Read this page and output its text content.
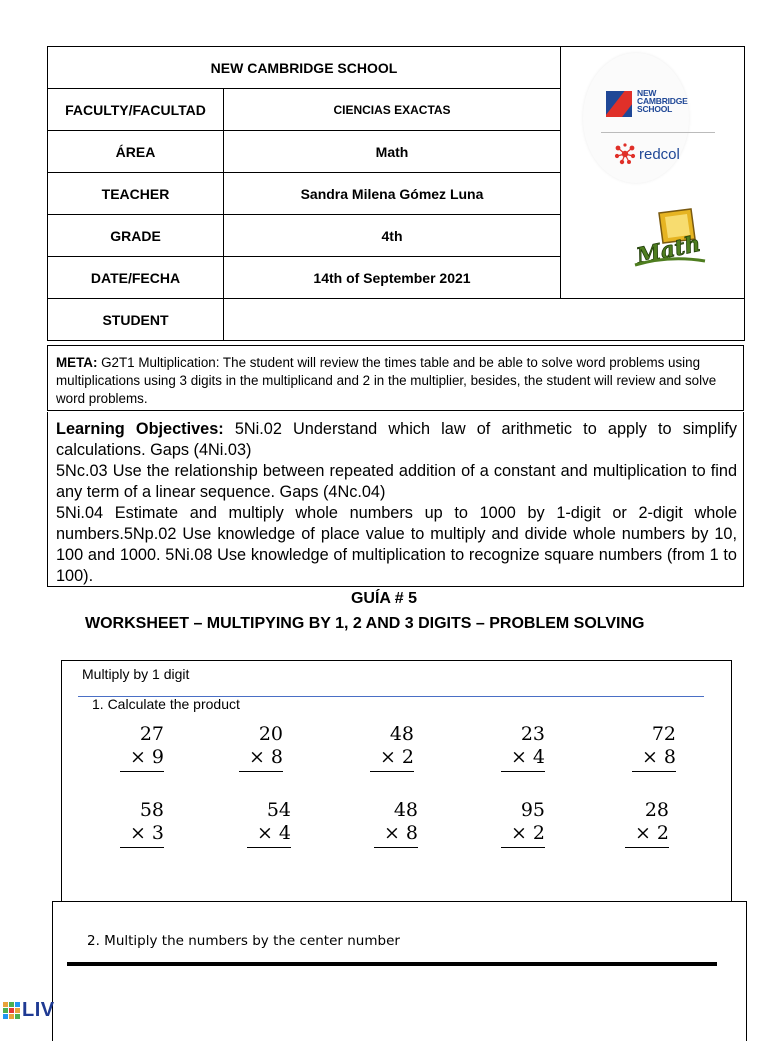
NEW CAMBRIDGE SCHOOL		NEW
CAMBRIDGE
SCHOOL
redcol
Math

FACULTY/FACULTAD	CIENCIAS EXACTAS	
ÁREA	Math	
TEACHER	Sandra Milena Gómez Luna	
GRADE	4th	
DATE/FECHA	14th of September 2021	
STUDENT		
META: G2T1 Multiplication: The student will review the times table and be able to solve word problems using multiplications using 3 digits in the multiplicand and 2 in the multiplier, besides, the student will review and solve word problems.

Learning Objectives: 5Ni.02 Understand which law of arithmetic to apply to simplify calculations. Gaps (4Ni.03)

5Nc.03 Use the relationship between repeated addition of a constant and multiplication to find any term of a linear sequence. Gaps (4Nc.04)

5Ni.04 Estimate and multiply whole numbers up to 1000 by 1-digit or 2-digit whole numbers.5Np.02 Use knowledge of place value to multiply and divide whole numbers by 10, 100 and 1000. 5Ni.08 Use knowledge of multiplication to recognize square numbers (from 1 to 100).

GUÍA # 5
WORKSHEET – MULTIPYING BY 1, 2 AND 3 DIGITS – PROBLEM SOLVING
Multiply by 1 digit
1. Calculate the product
27
× 9
20
× 8
48
× 2
23
× 4
72
× 8
58
× 3
54
× 4
48
× 8
95
× 2
28
× 2
2. Multiply the numbers by the center number
LIV
